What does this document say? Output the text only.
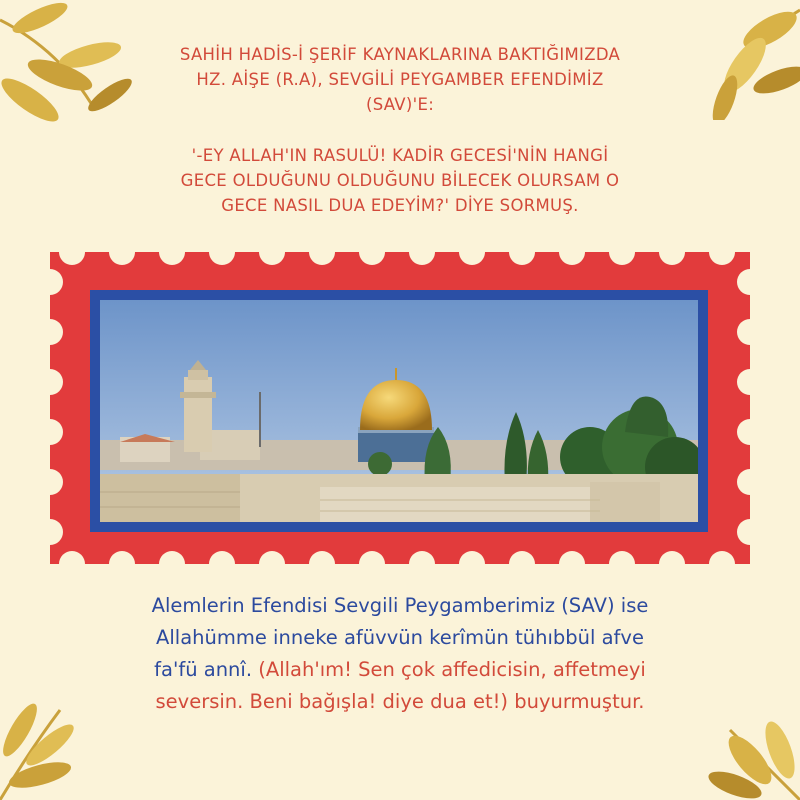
SAHİH HADİS-İ ŞERİF KAYNAKLARINA BAKTIĞIMIZDA

HZ. AİŞE (R.A), SEVGİLİ PEYGAMBER EFENDİMİZ

(SAV)'E:

'-EY ALLAH'IN RASULÜ! KADİR GECESİ'NİN HANGİ

GECE OLDUĞUNU OLDUĞUNU BİLECEK OLURSAM O

GECE NASIL DUA EDEYİM?' DİYE SORMUŞ.

Alemlerin Efendisi Sevgili Peygamberimiz (SAV) ise
Allahümme inneke afüvvün kerîmün tühıbbül afve
fa'fü annî. (Allah'ım! Sen çok affedicisin, affetmeyi
seversin. Beni bağışla! diye dua et!) buyurmuştur.
